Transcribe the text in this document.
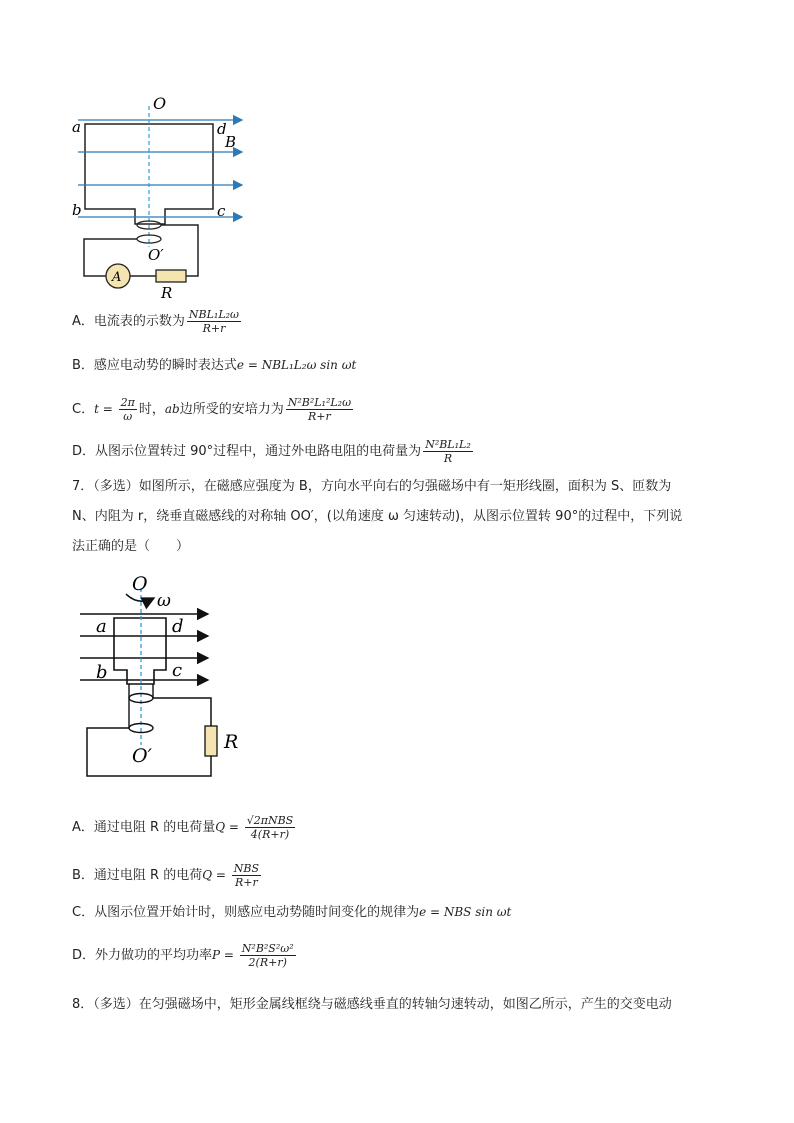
O
a	d
B
b	c
O′
A
R
A．电流表的示数为 $\frac{\text{NBL₁L₂ω}}{R+r}$
B．感应电动势的瞬时表达式e = NBL₁L₂ω sin ωt
C．$t = \frac{2\pi}{\omega}$ 时，ab边所受的安培力为 $\frac{\text{N²B²L₁²L₂ω}}{R+r}$
D．从图示位置转过 90°过程中，通过外电路电阻的电荷量为 $\frac{\text{N²BL₁L₂}}{R}$
7．（多选）如图所示，在磁感应强度为 B，方向水平向右的匀强磁场中有一矩形线圈，面积为 S、匝数为
N、内阻为 r，绕垂直磁感线的对称轴 OO′，(以角速度 ω 匀速转动)，从图示位置转 90°的过程中，下列说
法正确的是（　　）
O
ω
a	d
b	c
O′
R
A．通过电阻 R 的电荷量$Q = \frac{\text{√2πNBS}}{4(R+r)}$
B．通过电阻 R 的电荷$Q = \frac{\text{NBS}}{R+r}$
C．从图示位置开始计时，则感应电动势随时间变化的规律为e = NBS sin ωt
D．外力做功的平均功率$P = \frac{\text{N²B²S²ω²}}{2(R+r)}$
8．（多选）在匀强磁场中，矩形金属线框绕与磁感线垂直的转轴匀速转动，如图乙所示，产生的交变电动
